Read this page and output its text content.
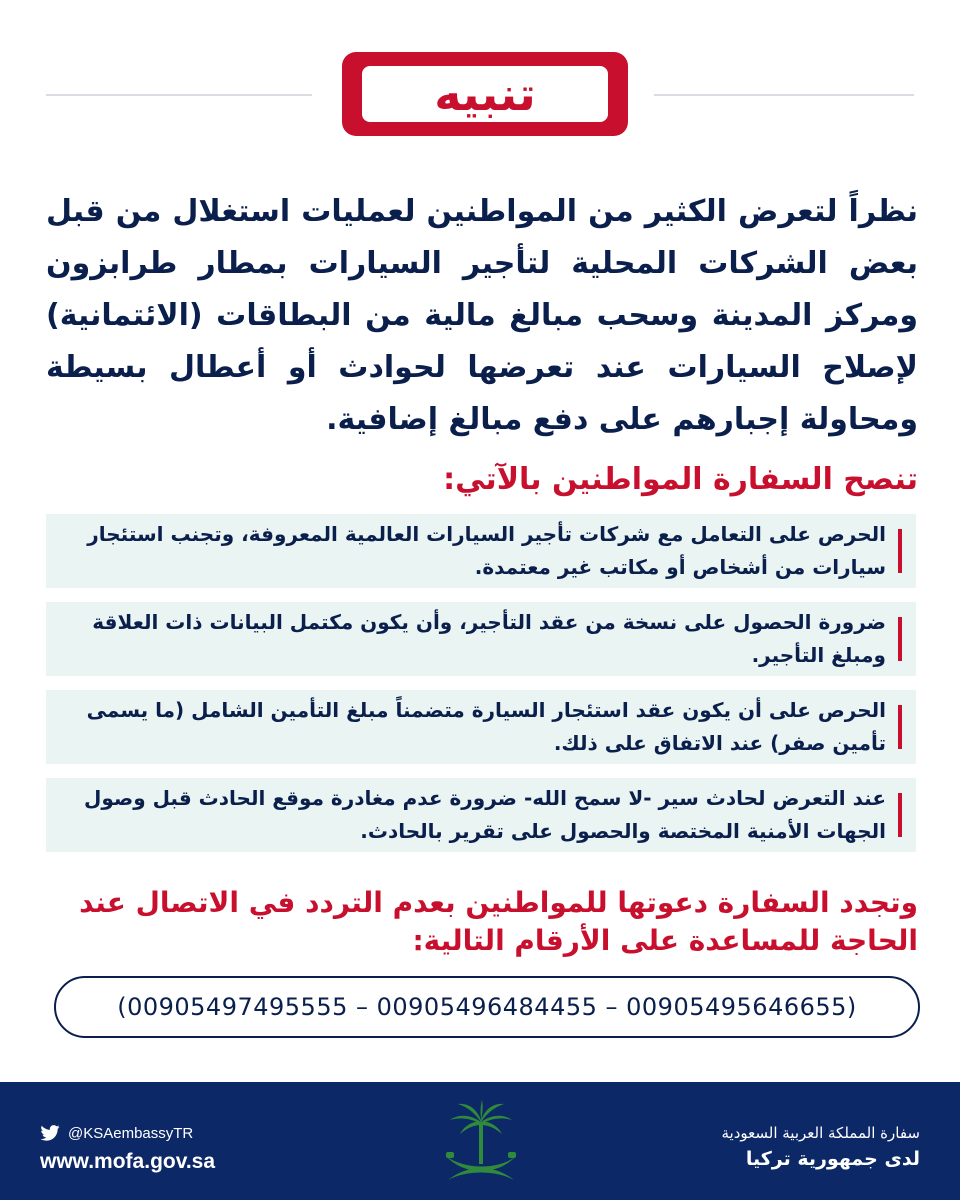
تنبيه
نظراً لتعرض الكثير من المواطنين لعمليات استغلال من قبل بعض الشركات المحلية لتأجير السيارات بمطار طرابزون ومركز المدينة وسحب مبالغ مالية من البطاقات (الائتمانية) لإصلاح السيارات عند تعرضها لحوادث أو أعطال بسيطة ومحاولة إجبارهم على دفع مبالغ إضافية.
تنصح السفارة المواطنين بالآتي:
الحرص على التعامل مع شركات تأجير السيارات العالمية المعروفة، وتجنب استئجار سيارات من أشخاص أو مكاتب غير معتمدة.
ضرورة الحصول على نسخة من عقد التأجير، وأن يكون مكتمل البيانات ذات العلاقة ومبلغ التأجير.
الحرص على أن يكون عقد استئجار السيارة متضمناً مبلغ التأمين الشامل (ما يسمى تأمين صفر) عند الاتفاق على ذلك.
عند التعرض لحادث سير -لا سمح الله- ضرورة عدم مغادرة موقع الحادث قبل وصول الجهات الأمنية المختصة والحصول على تقرير بالحادث.
وتجدد السفارة دعوتها للمواطنين بعدم التردد في الاتصال عند الحاجة للمساعدة على الأرقام التالية:
(00905497495555 – 00905496484455 – 00905495646655)
@KSAembassyTR
www.mofa.gov.sa
سفارة المملكة العربية السعودية
لدى جمهورية تركيا
